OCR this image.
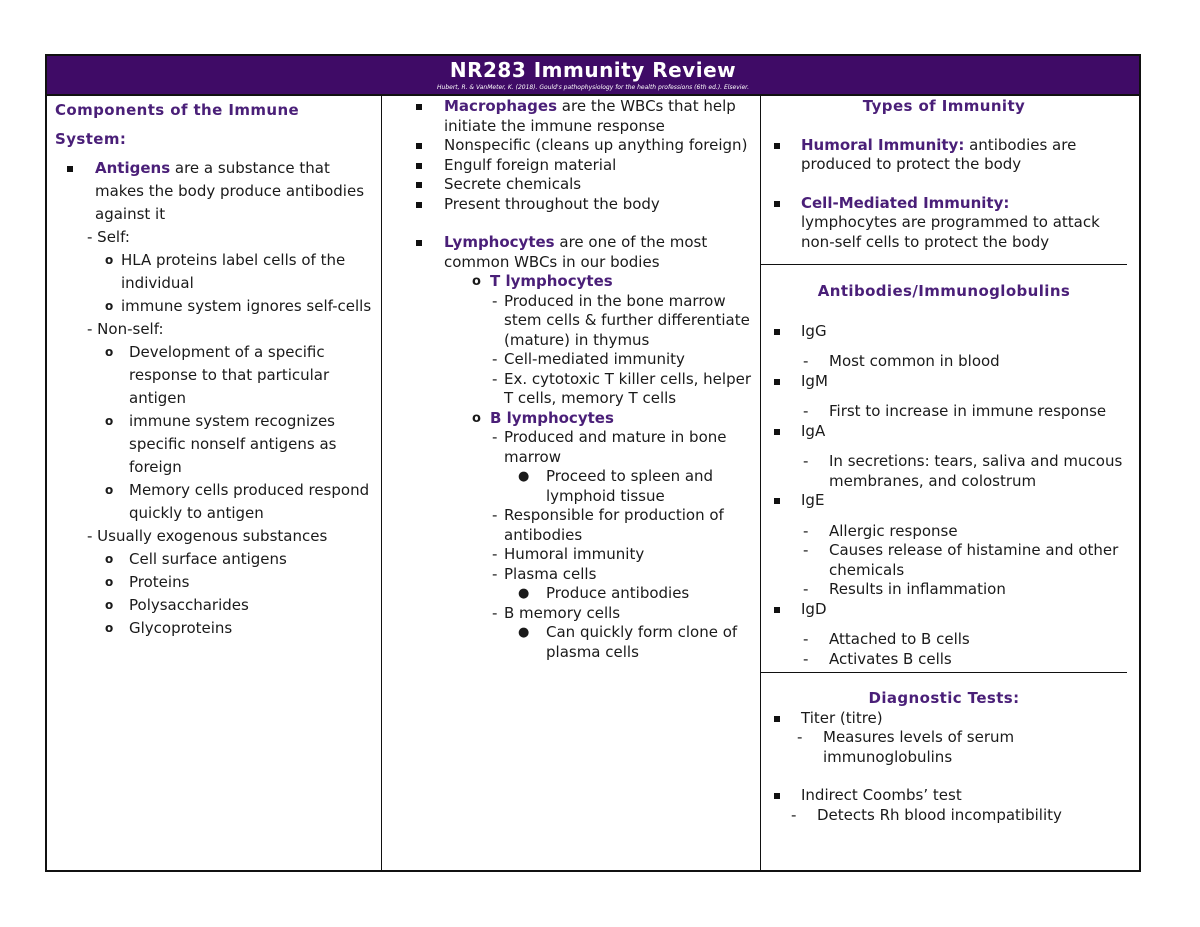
NR283 Immunity Review
Hubert, R. & VanMeter, K. (2018). Gould's pathophysiology for the health professions (6th ed.). Elsevier.
Components of the Immune
System:
Antigens are a substance that makes the body produce antibodies against it
- Self:
o HLA proteins label cells of the individual
o immune system ignores self-cells
- Non-self:
o Development of a specific response to that particular antigen
o immune system recognizes specific nonself antigens as foreign
o Memory cells produced respond quickly to antigen
- Usually exogenous substances
o Cell surface antigens
o Proteins
o Polysaccharides
o Glycoproteins
Macrophages are the WBCs that help initiate the immune response
Nonspecific (cleans up anything foreign)
Engulf foreign material
Secrete chemicals
Present throughout the body
Lymphocytes are one of the most common WBCs in our bodies
o T lymphocytes
- Produced in the bone marrow stem cells & further differentiate (mature) in thymus
- Cell-mediated immunity
- Ex. cytotoxic T killer cells, helper T cells, memory T cells
o B lymphocytes
- Produced and mature in bone marrow
● Proceed to spleen and lymphoid tissue
- Responsible for production of antibodies
- Humoral immunity
- Plasma cells
● Produce antibodies
- B memory cells
● Can quickly form clone of plasma cells
Types of Immunity
Humoral Immunity: antibodies are produced to protect the body
Cell-Mediated Immunity:
lymphocytes are programmed to attack non-self cells to protect the body
Antibodies/Immunoglobulins
IgG
- Most common in blood
IgM
- First to increase in immune response
IgA
- In secretions: tears, saliva and mucous membranes, and colostrum
IgE
- Allergic response
- Causes release of histamine and other chemicals
- Results in inflammation
IgD
- Attached to B cells
- Activates B cells
Diagnostic Tests:
Titer (titre)
- Measures levels of serum immunoglobulins
Indirect Coombs’ test
- Detects Rh blood incompatibility
